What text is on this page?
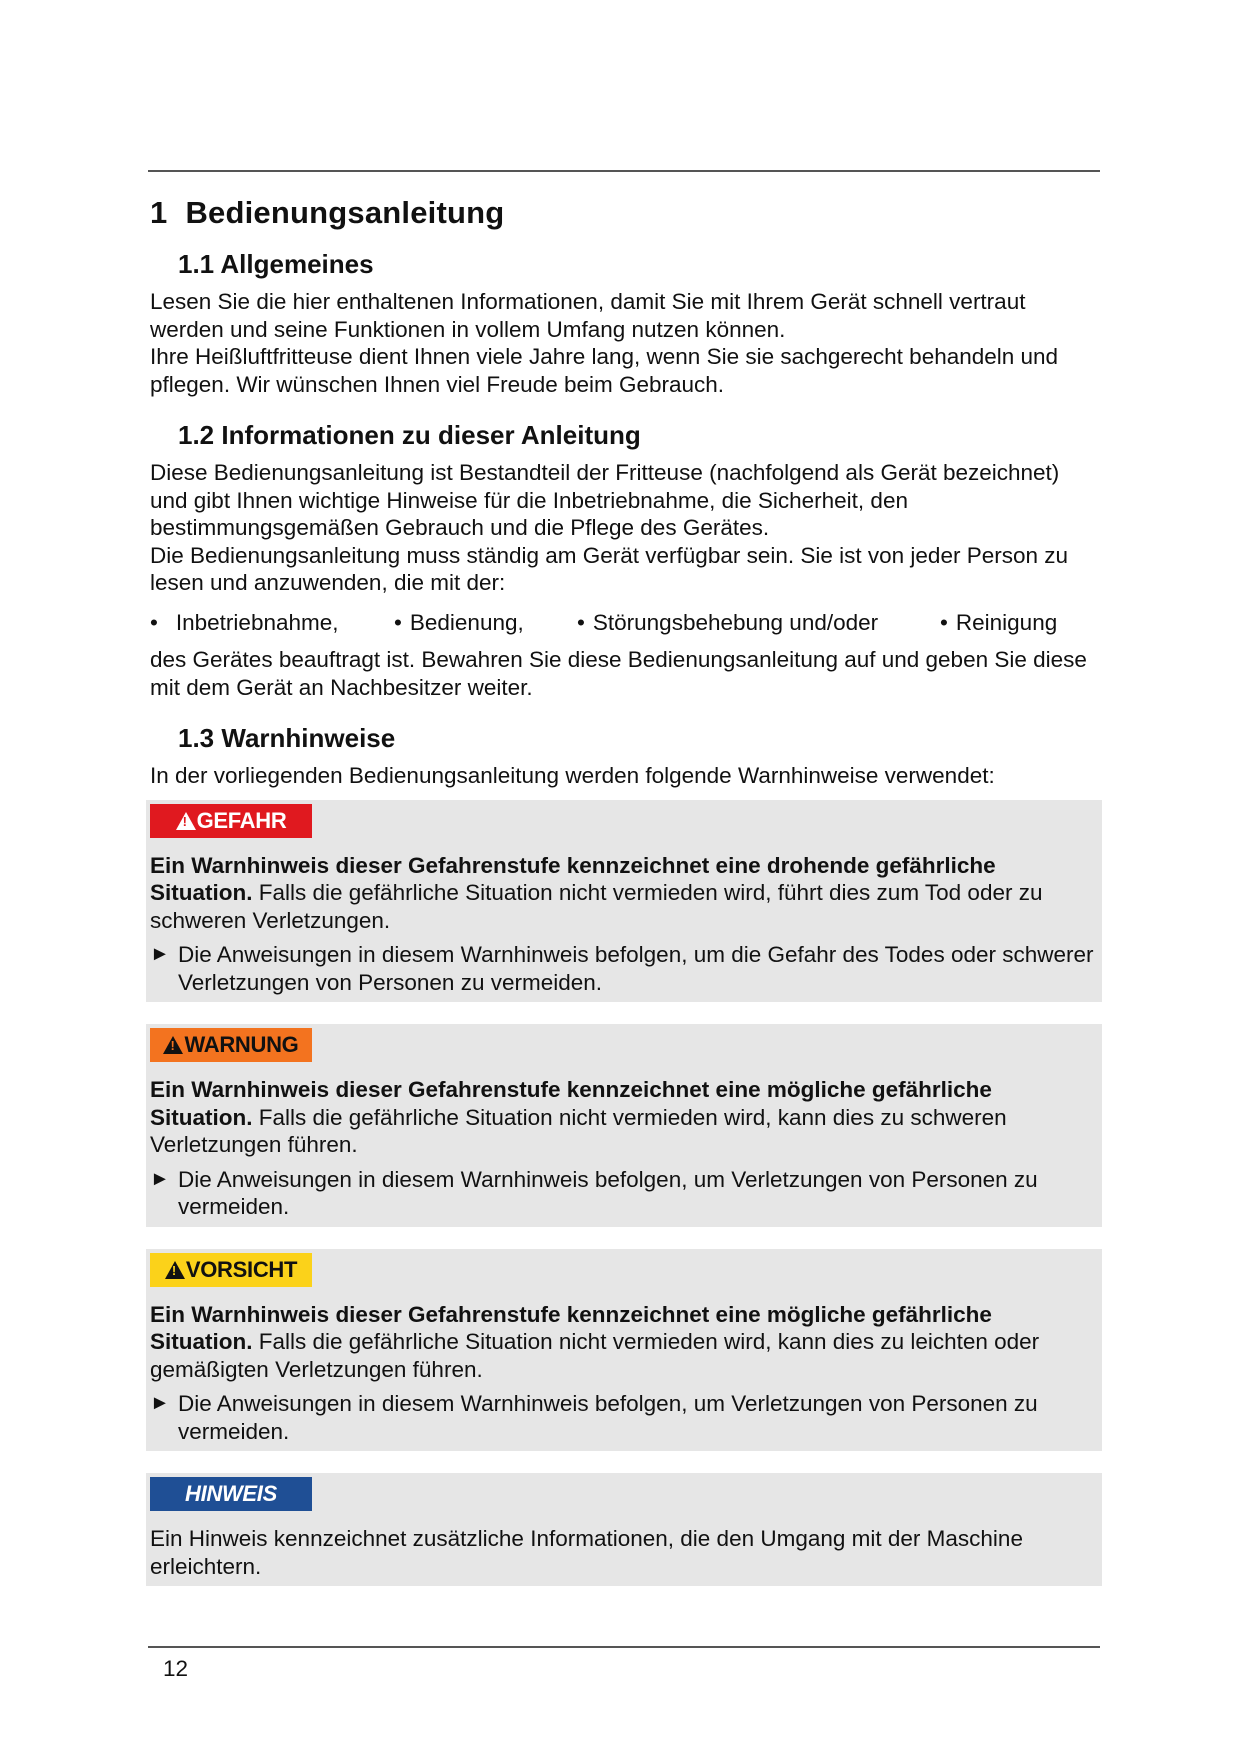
1 Bedienungsanleitung
1.1 Allgemeines

Lesen Sie die hier enthaltenen Informationen, damit Sie mit Ihrem Gerät schnell vertraut werden und seine Funktionen in vollem Umfang nutzen können.

Ihre Heißluftfritteuse dient Ihnen viele Jahre lang, wenn Sie sie sachgerecht behandeln und pflegen. Wir wünschen Ihnen viel Freude beim Gebrauch.

1.2 Informationen zu dieser Anleitung

Diese Bedienungsanleitung ist Bestandteil der Fritteuse (nachfolgend als Gerät bezeichnet) und gibt Ihnen wichtige Hinweise für die Inbetriebnahme, die Sicherheit, den bestimmungsgemäßen Gebrauch und die Pflege des Gerätes.

Die Bedienungsanleitung muss ständig am Gerät verfügbar sein. Sie ist von jeder Person zu lesen und anzuwenden, die mit der:

• Inbetriebnahme,	• Bedienung,	• Störungsbehebung und/oder	• Reinigung

des Gerätes beauftragt ist. Bewahren Sie diese Bedienungsanleitung auf und geben Sie diese mit dem Gerät an Nachbesitzer weiter.

1.3 Warnhinweise

In der vorliegenden Bedienungsanleitung werden folgende Warnhinweise verwendet:

!
GEFAHR

Ein Warnhinweis dieser Gefahrenstufe kennzeichnet eine drohende gefährliche Situation. Falls die gefährliche Situation nicht vermieden wird, führt dies zum Tod oder zu schweren Verletzungen.

► Die Anweisungen in diesem Warnhinweis befolgen, um die Gefahr des Todes oder schwerer Verletzungen von Personen zu vermeiden.
!
WARNUNG

Ein Warnhinweis dieser Gefahrenstufe kennzeichnet eine mögliche gefährliche Situation. Falls die gefährliche Situation nicht vermieden wird, kann dies zu schweren Verletzungen führen.

► Die Anweisungen in diesem Warnhinweis befolgen, um Verletzungen von Personen zu vermeiden.
!
VORSICHT

Ein Warnhinweis dieser Gefahrenstufe kennzeichnet eine mögliche gefährliche Situation. Falls die gefährliche Situation nicht vermieden wird, kann dies zu leichten oder gemäßigten Verletzungen führen.

► Die Anweisungen in diesem Warnhinweis befolgen, um Verletzungen von Personen zu vermeiden.
HINWEIS

Ein Hinweis kennzeichnet zusätzliche Informationen, die den Umgang mit der Maschine erleichtern.

12
